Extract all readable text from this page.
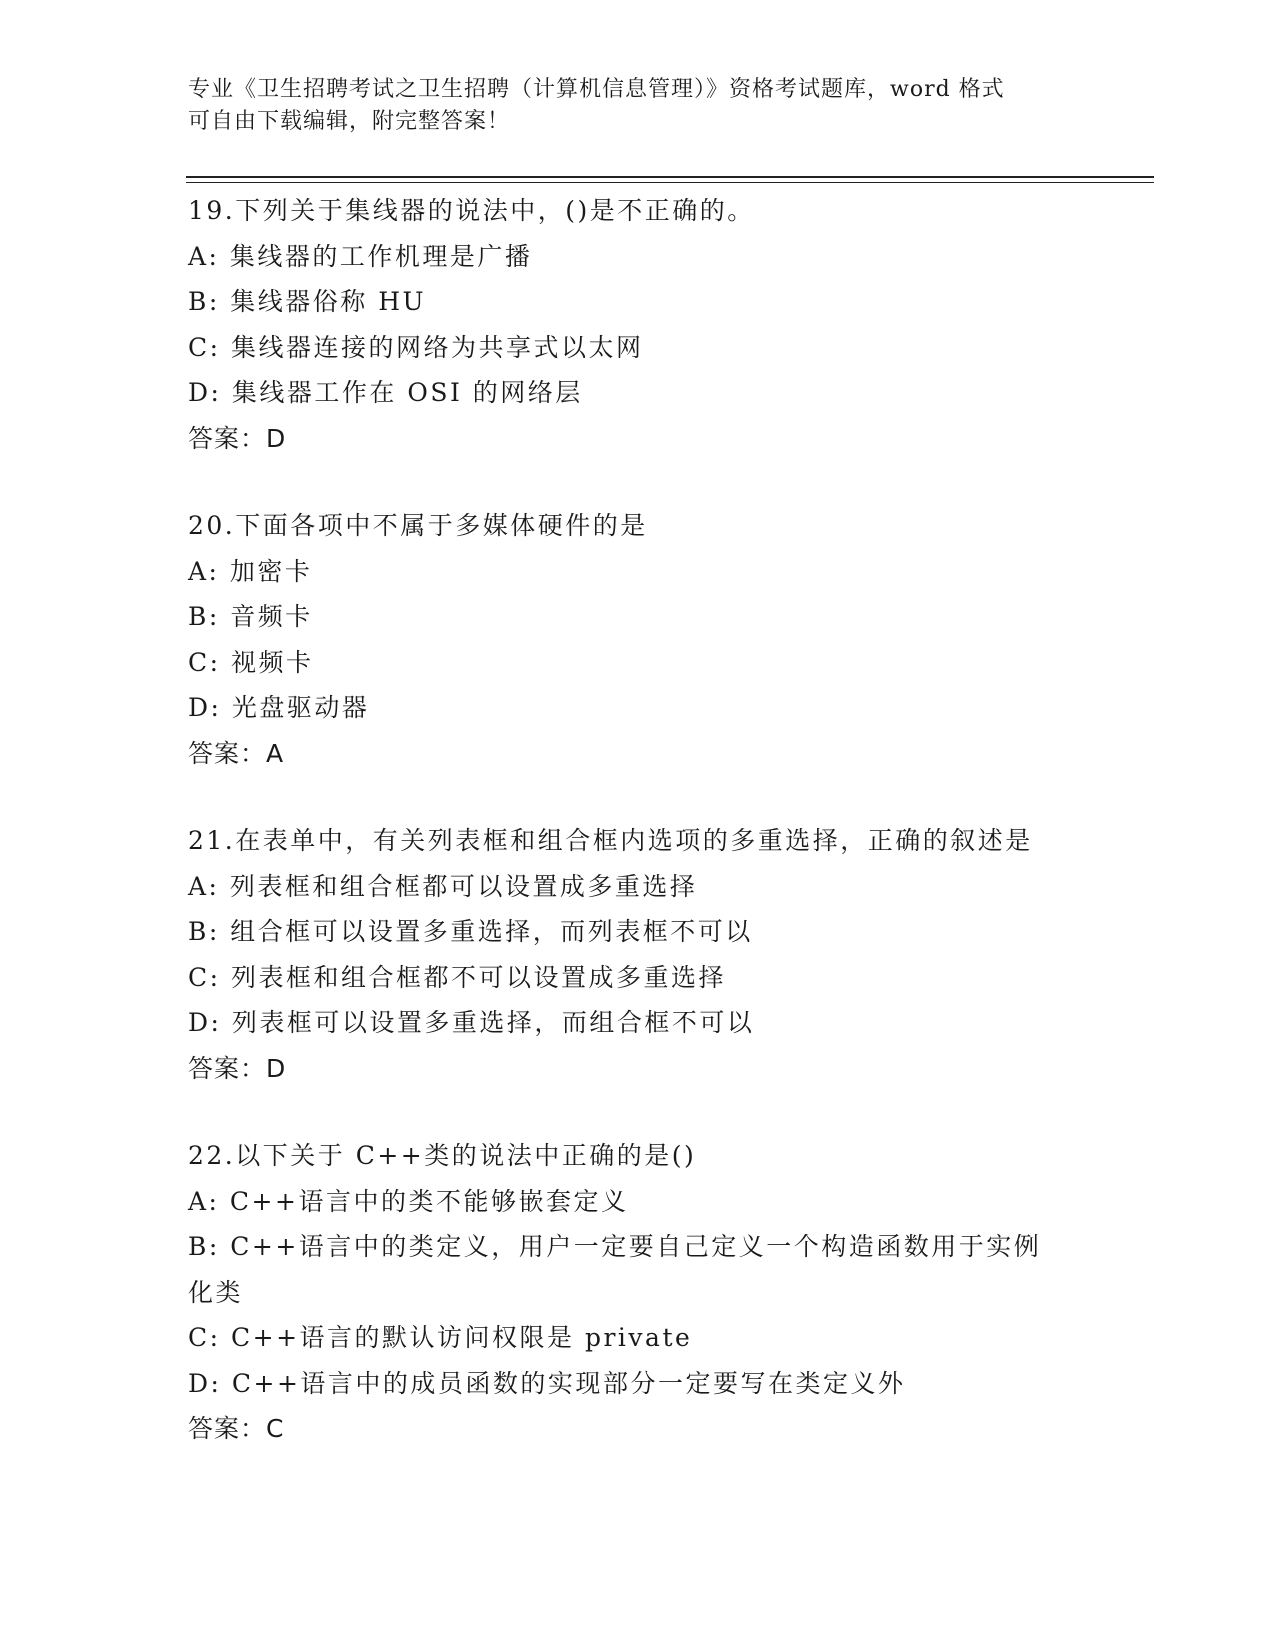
专业《卫生招聘考试之卫生招聘（计算机信息管理）》资格考试题库，word 格式
可自由下载编辑，附完整答案！
19.下列关于集线器的说法中，()是不正确的。
A: 集线器的工作机理是广播
B: 集线器俗称 HU
C: 集线器连接的网络为共享式以太网
D: 集线器工作在 OSI 的网络层
答案：D
20.下面各项中不属于多媒体硬件的是
A: 加密卡
B: 音频卡
C: 视频卡
D: 光盘驱动器
答案：A
21.在表单中，有关列表框和组合框内选项的多重选择，正确的叙述是
A: 列表框和组合框都可以设置成多重选择
B: 组合框可以设置多重选择，而列表框不可以
C: 列表框和组合框都不可以设置成多重选择
D: 列表框可以设置多重选择，而组合框不可以
答案：D
22.以下关于 C++类的说法中正确的是()
A: C++语言中的类不能够嵌套定义
B: C++语言中的类定义，用户一定要自己定义一个构造函数用于实例化类
C: C++语言的默认访问权限是 private
D: C++语言中的成员函数的实现部分一定要写在类定义外
答案：C
